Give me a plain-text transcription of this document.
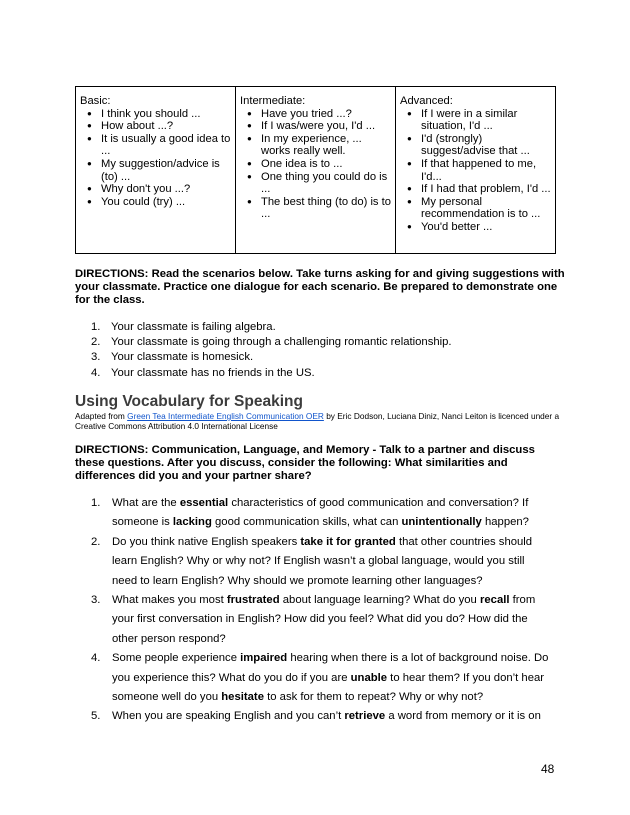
Basic:
● I think you should ...
● How about ...?
● It is usually a good idea to ...
● My suggestion/advice is (to) ...
● Why don't you ...?
● You could (try) ...
Intermediate:
● Have you tried ...?
● If I was/were you, I'd ...
● In my experience, ... works really well.
● One idea is to ...
● One thing you could do is ...
● The best thing (to do) is to ...
Advanced:
● If I were in a similar situation, I'd ...
● I'd (strongly) suggest/advise that ...
● If that happened to me, I'd...
● If I had that problem, I'd ...
● My personal recommendation is to ...
● You'd better ...
DIRECTIONS: Read the scenarios below. Take turns asking for and giving suggestions with your classmate. Practice one dialogue for each scenario. Be prepared to demonstrate one for the class.
1. Your classmate is failing algebra.
2. Your classmate is going through a challenging romantic relationship.
3. Your classmate is homesick.
4. Your classmate has no friends in the US.
Using Vocabulary for Speaking
Adapted from Green Tea Intermediate English Communication OER by Eric Dodson, Luciana Diniz, Nanci Leiton is licenced under a Creative Commons Attribution 4.0 International License
DIRECTIONS: Communication, Language, and Memory - Talk to a partner and discuss these questions. After you discuss, consider the following: What similarities and differences did you and your partner share?
1.	What are the essential characteristics of good communication and conversation? If
someone is lacking good communication skills, what can unintentionally happen?
2.	Do you think native English speakers take it for granted that other countries should
learn English? Why or why not? If English wasn’t a global language, would you still
need to learn English? Why should we promote learning other languages?
3.	What makes you most frustrated about language learning? What do you recall from
your first conversation in English? How did you feel? What did you do? How did the
other person respond?
4.	Some people experience impaired hearing when there is a lot of background noise. Do
you experience this? What do you do if you are unable to hear them? If you don’t hear
someone well do you hesitate to ask for them to repeat? Why or why not?
5.	When you are speaking English and you can’t retrieve a word from memory or it is on
48
